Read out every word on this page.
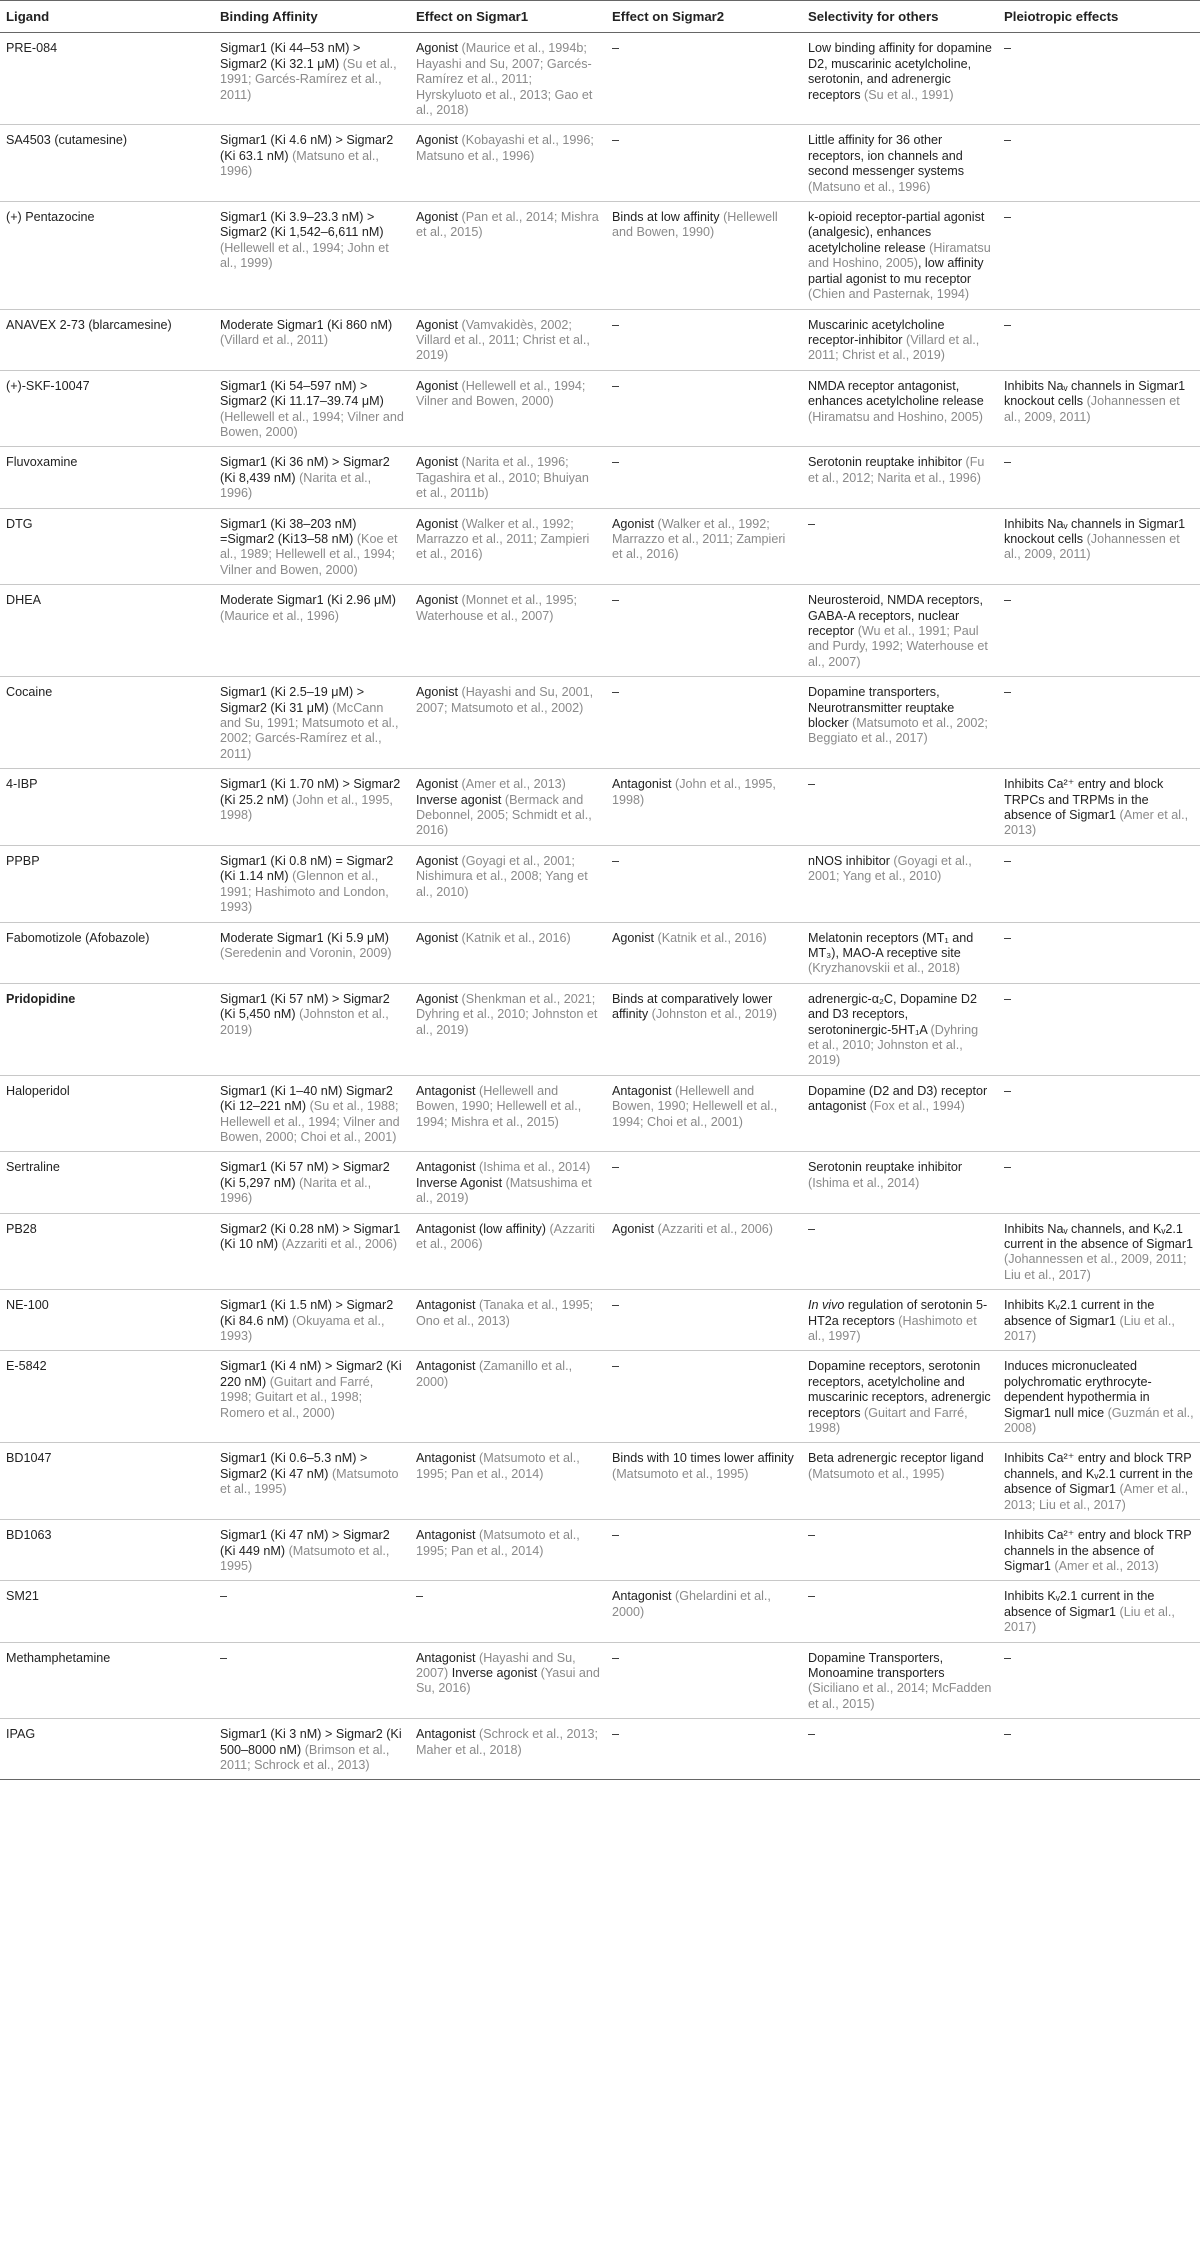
Ligand	Binding Affinity	Effect on Sigmar1	Effect on Sigmar2	Selectivity for others	Pleiotropic effects
PRE-084	Sigmar1 (Ki 44–53 nM) > Sigmar2 (Ki 32.1 μM) (Su et al., 1991; Garcés-Ramírez et al., 2011)	Agonist (Maurice et al., 1994b; Hayashi and Su, 2007; Garcés-Ramírez et al., 2011; Hyrskyluoto et al., 2013; Gao et al., 2018)	–	Low binding affinity for dopamine D2, muscarinic acetylcholine, serotonin, and adrenergic receptors (Su et al., 1991)	–
SA4503 (cutamesine)	Sigmar1 (Ki 4.6 nM) > Sigmar2 (Ki 63.1 nM) (Matsuno et al., 1996)	Agonist (Kobayashi et al., 1996; Matsuno et al., 1996)	–	Little affinity for 36 other receptors, ion channels and second messenger systems (Matsuno et al., 1996)	–
(+) Pentazocine	Sigmar1 (Ki 3.9–23.3 nM) > Sigmar2 (Ki 1,542–6,611 nM) (Hellewell et al., 1994; John et al., 1999)	Agonist (Pan et al., 2014; Mishra et al., 2015)	Binds at low affinity (Hellewell and Bowen, 1990)	k-opioid receptor-partial agonist (analgesic), enhances acetylcholine release (Hiramatsu and Hoshino, 2005), low affinity partial agonist to mu receptor (Chien and Pasternak, 1994)	–
ANAVEX 2-73 (blarcamesine)	Moderate Sigmar1 (Ki 860 nM) (Villard et al., 2011)	Agonist (Vamvakidès, 2002; Villard et al., 2011; Christ et al., 2019)	–	Muscarinic acetylcholine receptor-inhibitor (Villard et al., 2011; Christ et al., 2019)	–
(+)-SKF-10047	Sigmar1 (Ki 54–597 nM) > Sigmar2 (Ki 11.17–39.74 μM) (Hellewell et al., 1994; Vilner and Bowen, 2000)	Agonist (Hellewell et al., 1994; Vilner and Bowen, 2000)	–	NMDA receptor antagonist, enhances acetylcholine release (Hiramatsu and Hoshino, 2005)	Inhibits Naᵥ channels in Sigmar1 knockout cells (Johannessen et al., 2009, 2011)
Fluvoxamine	Sigmar1 (Ki 36 nM) > Sigmar2 (Ki 8,439 nM) (Narita et al., 1996)	Agonist (Narita et al., 1996; Tagashira et al., 2010; Bhuiyan et al., 2011b)	–	Serotonin reuptake inhibitor (Fu et al., 2012; Narita et al., 1996)	–
DTG	Sigmar1 (Ki 38–203 nM) =Sigmar2 (Ki13–58 nM) (Koe et al., 1989; Hellewell et al., 1994; Vilner and Bowen, 2000)	Agonist (Walker et al., 1992; Marrazzo et al., 2011; Zampieri et al., 2016)	Agonist (Walker et al., 1992; Marrazzo et al., 2011; Zampieri et al., 2016)	–	Inhibits Naᵥ channels in Sigmar1 knockout cells (Johannessen et al., 2009, 2011)
DHEA	Moderate Sigmar1 (Ki 2.96 μM) (Maurice et al., 1996)	Agonist (Monnet et al., 1995; Waterhouse et al., 2007)	–	Neurosteroid, NMDA receptors, GABA-A receptors, nuclear receptor (Wu et al., 1991; Paul and Purdy, 1992; Waterhouse et al., 2007)	–
Cocaine	Sigmar1 (Ki 2.5–19 μM) > Sigmar2 (Ki 31 μM) (McCann and Su, 1991; Matsumoto et al., 2002; Garcés-Ramírez et al., 2011)	Agonist (Hayashi and Su, 2001, 2007; Matsumoto et al., 2002)	–	Dopamine transporters, Neurotransmitter reuptake blocker (Matsumoto et al., 2002; Beggiato et al., 2017)	–
4-IBP	Sigmar1 (Ki 1.70 nM) > Sigmar2 (Ki 25.2 nM) (John et al., 1995, 1998)	Agonist (Amer et al., 2013) Inverse agonist (Bermack and Debonnel, 2005; Schmidt et al., 2016)	Antagonist (John et al., 1995, 1998)	–	Inhibits Ca²⁺ entry and block TRPCs and TRPMs in the absence of Sigmar1 (Amer et al., 2013)
PPBP	Sigmar1 (Ki 0.8 nM) = Sigmar2 (Ki 1.14 nM) (Glennon et al., 1991; Hashimoto and London, 1993)	Agonist (Goyagi et al., 2001; Nishimura et al., 2008; Yang et al., 2010)	–	nNOS inhibitor (Goyagi et al., 2001; Yang et al., 2010)	–
Fabomotizole (Afobazole)	Moderate Sigmar1 (Ki 5.9 μM) (Seredenin and Voronin, 2009)	Agonist (Katnik et al., 2016)	Agonist (Katnik et al., 2016)	Melatonin receptors (MT₁ and MT₃), MAO-A receptive site (Kryzhanovskii et al., 2018)	–
Pridopidine	Sigmar1 (Ki 57 nM) > Sigmar2 (Ki 5,450 nM) (Johnston et al., 2019)	Agonist (Shenkman et al., 2021; Dyhring et al., 2010; Johnston et al., 2019)	Binds at comparatively lower affinity (Johnston et al., 2019)	adrenergic-α₂C, Dopamine D2 and D3 receptors, serotoninergic-5HT₁A (Dyhring et al., 2010; Johnston et al., 2019)	–
Haloperidol	Sigmar1 (Ki 1–40 nM) Sigmar2 (Ki 12–221 nM) (Su et al., 1988; Hellewell et al., 1994; Vilner and Bowen, 2000; Choi et al., 2001)	Antagonist (Hellewell and Bowen, 1990; Hellewell et al., 1994; Mishra et al., 2015)	Antagonist (Hellewell and Bowen, 1990; Hellewell et al., 1994; Choi et al., 2001)	Dopamine (D2 and D3) receptor antagonist (Fox et al., 1994)	–
Sertraline	Sigmar1 (Ki 57 nM) > Sigmar2 (Ki 5,297 nM) (Narita et al., 1996)	Antagonist (Ishima et al., 2014) Inverse Agonist (Matsushima et al., 2019)	–	Serotonin reuptake inhibitor (Ishima et al., 2014)	–
PB28	Sigmar2 (Ki 0.28 nM) > Sigmar1 (Ki 10 nM) (Azzariti et al., 2006)	Antagonist (low affinity) (Azzariti et al., 2006)	Agonist (Azzariti et al., 2006)	–	Inhibits Naᵥ channels, and Kᵥ2.1 current in the absence of Sigmar1 (Johannessen et al., 2009, 2011; Liu et al., 2017)
NE-100	Sigmar1 (Ki 1.5 nM) > Sigmar2 (Ki 84.6 nM) (Okuyama et al., 1993)	Antagonist (Tanaka et al., 1995; Ono et al., 2013)	–	In vivo regulation of serotonin 5-HT2a receptors (Hashimoto et al., 1997)	Inhibits Kᵥ2.1 current in the absence of Sigmar1 (Liu et al., 2017)
E-5842	Sigmar1 (Ki 4 nM) > Sigmar2 (Ki 220 nM) (Guitart and Farré, 1998; Guitart et al., 1998; Romero et al., 2000)	Antagonist (Zamanillo et al., 2000)	–	Dopamine receptors, serotonin receptors, acetylcholine and muscarinic receptors, adrenergic receptors (Guitart and Farré, 1998)	Induces micronucleated polychromatic erythrocyte-dependent hypothermia in Sigmar1 null mice (Guzmán et al., 2008)
BD1047	Sigmar1 (Ki 0.6–5.3 nM) > Sigmar2 (Ki 47 nM) (Matsumoto et al., 1995)	Antagonist (Matsumoto et al., 1995; Pan et al., 2014)	Binds with 10 times lower affinity (Matsumoto et al., 1995)	Beta adrenergic receptor ligand (Matsumoto et al., 1995)	Inhibits Ca²⁺ entry and block TRP channels, and Kᵥ2.1 current in the absence of Sigmar1 (Amer et al., 2013; Liu et al., 2017)
BD1063	Sigmar1 (Ki 47 nM) > Sigmar2 (Ki 449 nM) (Matsumoto et al., 1995)	Antagonist (Matsumoto et al., 1995; Pan et al., 2014)	–	–	Inhibits Ca²⁺ entry and block TRP channels in the absence of Sigmar1 (Amer et al., 2013)
SM21	–	–	Antagonist (Ghelardini et al., 2000)	–	Inhibits Kᵥ2.1 current in the absence of Sigmar1 (Liu et al., 2017)
Methamphetamine	–	Antagonist (Hayashi and Su, 2007) Inverse agonist (Yasui and Su, 2016)	–	Dopamine Transporters, Monoamine transporters (Siciliano et al., 2014; McFadden et al., 2015)	–
IPAG	Sigmar1 (Ki 3 nM) > Sigmar2 (Ki 500–8000 nM) (Brimson et al., 2011; Schrock et al., 2013)	Antagonist (Schrock et al., 2013; Maher et al., 2018)	–	–	–
